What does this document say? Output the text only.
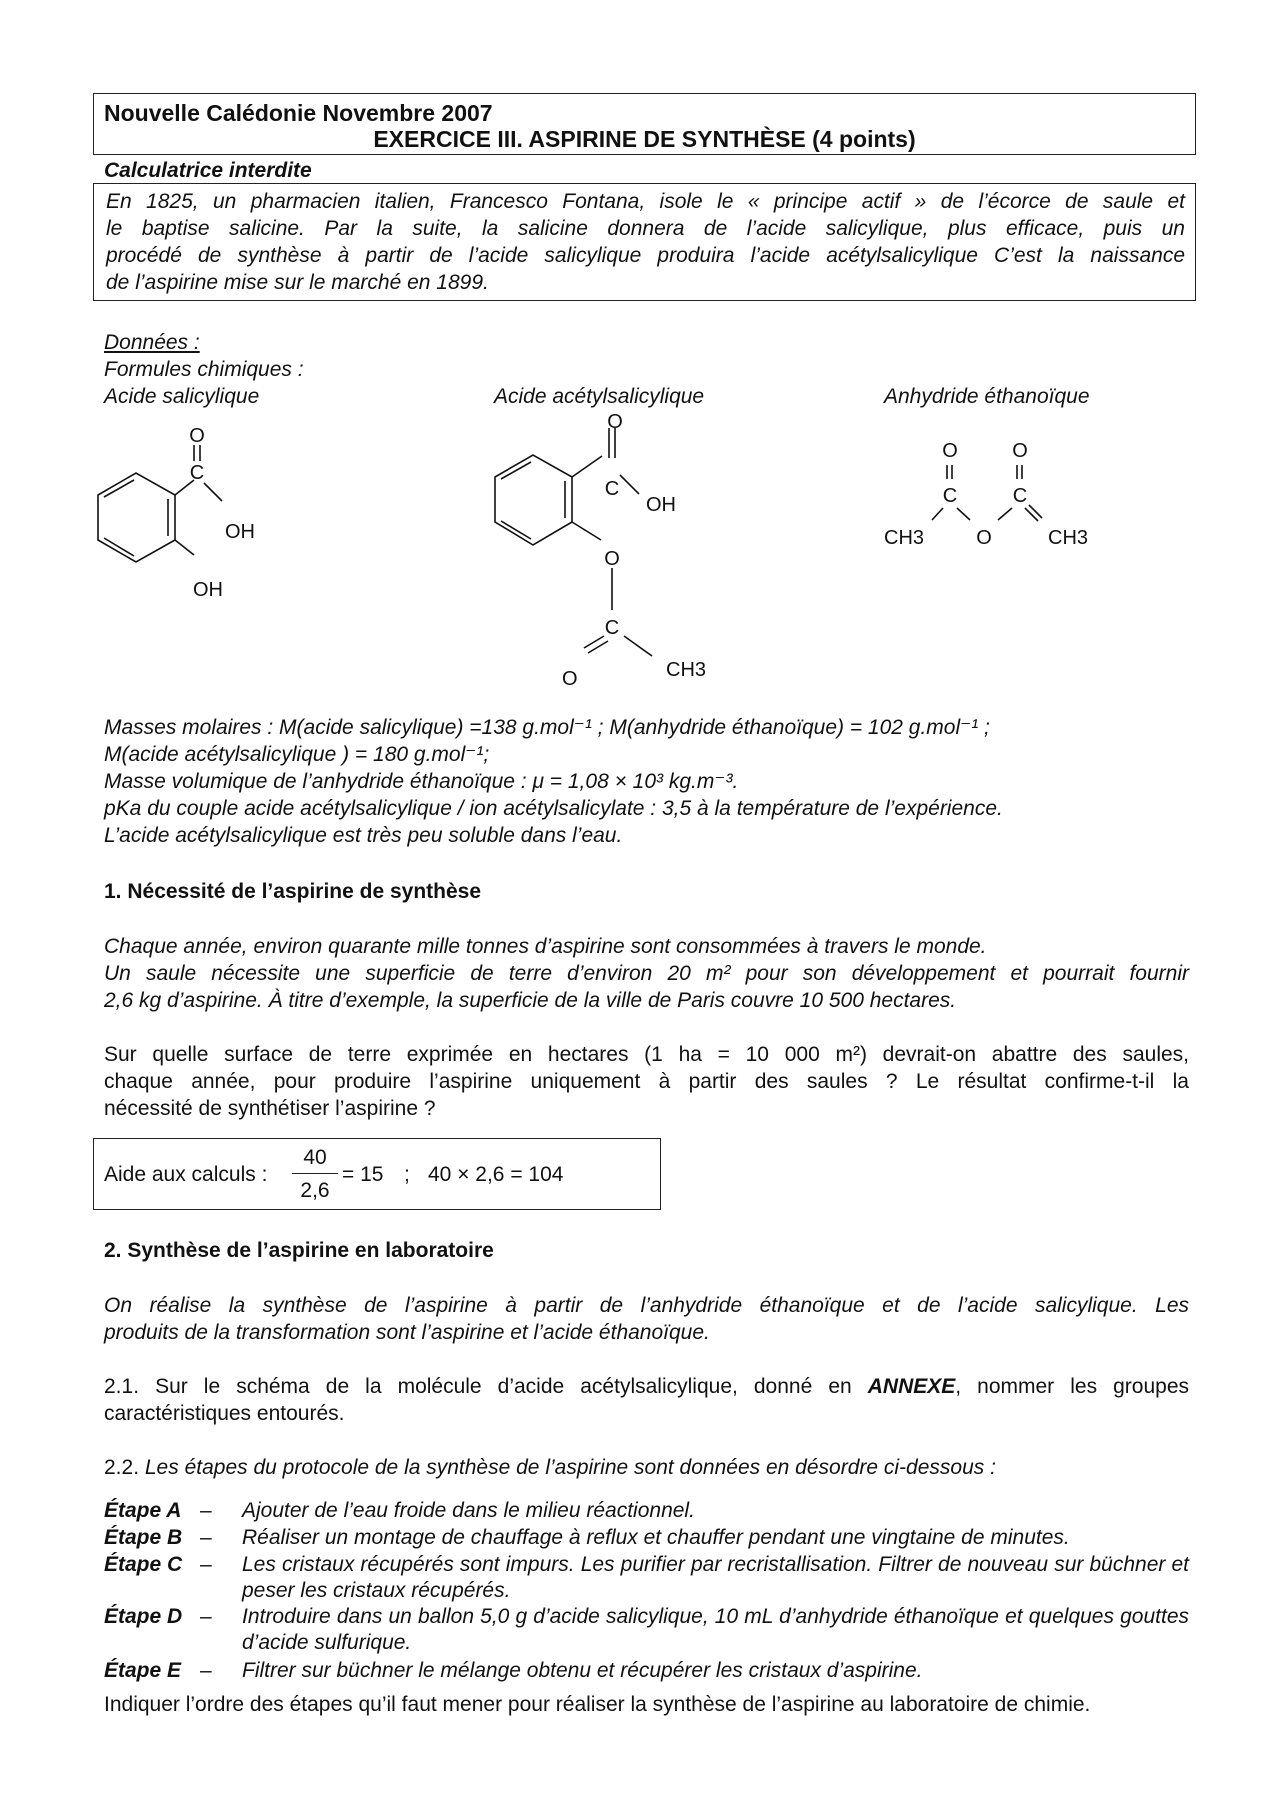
Nouvelle Calédonie Novembre 2007
EXERCICE III. ASPIRINE DE SYNTHÈSE (4 points)
Calculatrice interdite
En 1825, un pharmacien italien, Francesco Fontana, isole le « principe actif » de l’écorce de saule et
le baptise salicine. Par la suite, la salicine donnera de l’acide salicylique, plus efficace, puis un
procédé de synthèse à partir de l’acide salicylique produira l’acide acétylsalicylique C’est la naissance
de l’aspirine mise sur le marché en 1899.
Données :
Formules chimiques :
Acide salicylique	Acide acétylsalicylique	Anhydride éthanoïque
O
C
OH
OH
O
C
OH
O
C
O	CH3
O	O
C	C
CH3	O	CH3
Masses molaires : M(acide salicylique) =138 g.mol⁻¹ ; M(anhydride éthanoïque) = 102 g.mol⁻¹ ;
M(acide acétylsalicylique ) = 180 g.mol⁻¹;
Masse volumique de l’anhydride éthanoïque : μ = 1,08 × 10³ kg.m⁻³.
pKa du couple acide acétylsalicylique / ion acétylsalicylate : 3,5 à la température de l’expérience.
L’acide acétylsalicylique est très peu soluble dans l’eau.
1. Nécessité de l’aspirine de synthèse
Chaque année, environ quarante mille tonnes d’aspirine sont consommées à travers le monde.
Un saule nécessite une superficie de terre d’environ 20 m² pour son développement et pourrait fournir
2,6 kg d’aspirine. À titre d’exemple, la superficie de la ville de Paris couvre 10 500 hectares.
Sur quelle surface de terre exprimée en hectares (1 ha = 10 000 m²) devrait-on abattre des saules,
chaque année, pour produire l’aspirine uniquement à partir des saules ? Le résultat confirme-t-il la
nécessité de synthétiser l’aspirine ?
Aide aux calculs :
40
2,6
= 15 ; 40 × 2,6 = 104
2. Synthèse de l’aspirine en laboratoire
On réalise la synthèse de l’aspirine à partir de l’anhydride éthanoïque et de l’acide salicylique. Les
produits de la transformation sont l’aspirine et l’acide éthanoïque.
2.1. Sur le schéma de la molécule d’acide acétylsalicylique, donné en ANNEXE, nommer les groupes
caractéristiques entourés.
2.2. Les étapes du protocole de la synthèse de l’aspirine sont données en désordre ci-dessous :
Étape A – Ajouter de l’eau froide dans le milieu réactionnel.
Étape B – Réaliser un montage de chauffage à reflux et chauffer pendant une vingtaine de minutes.
Étape C – Les cristaux récupérés sont impurs. Les purifier par recristallisation. Filtrer de nouveau sur büchner et peser les cristaux récupérés.
Étape D – Introduire dans un ballon 5,0 g d’acide salicylique, 10 mL d’anhydride éthanoïque et quelques gouttes d’acide sulfurique.
Étape E – Filtrer sur büchner le mélange obtenu et récupérer les cristaux d’aspirine.
Indiquer l’ordre des étapes qu’il faut mener pour réaliser la synthèse de l’aspirine au laboratoire de chimie.
